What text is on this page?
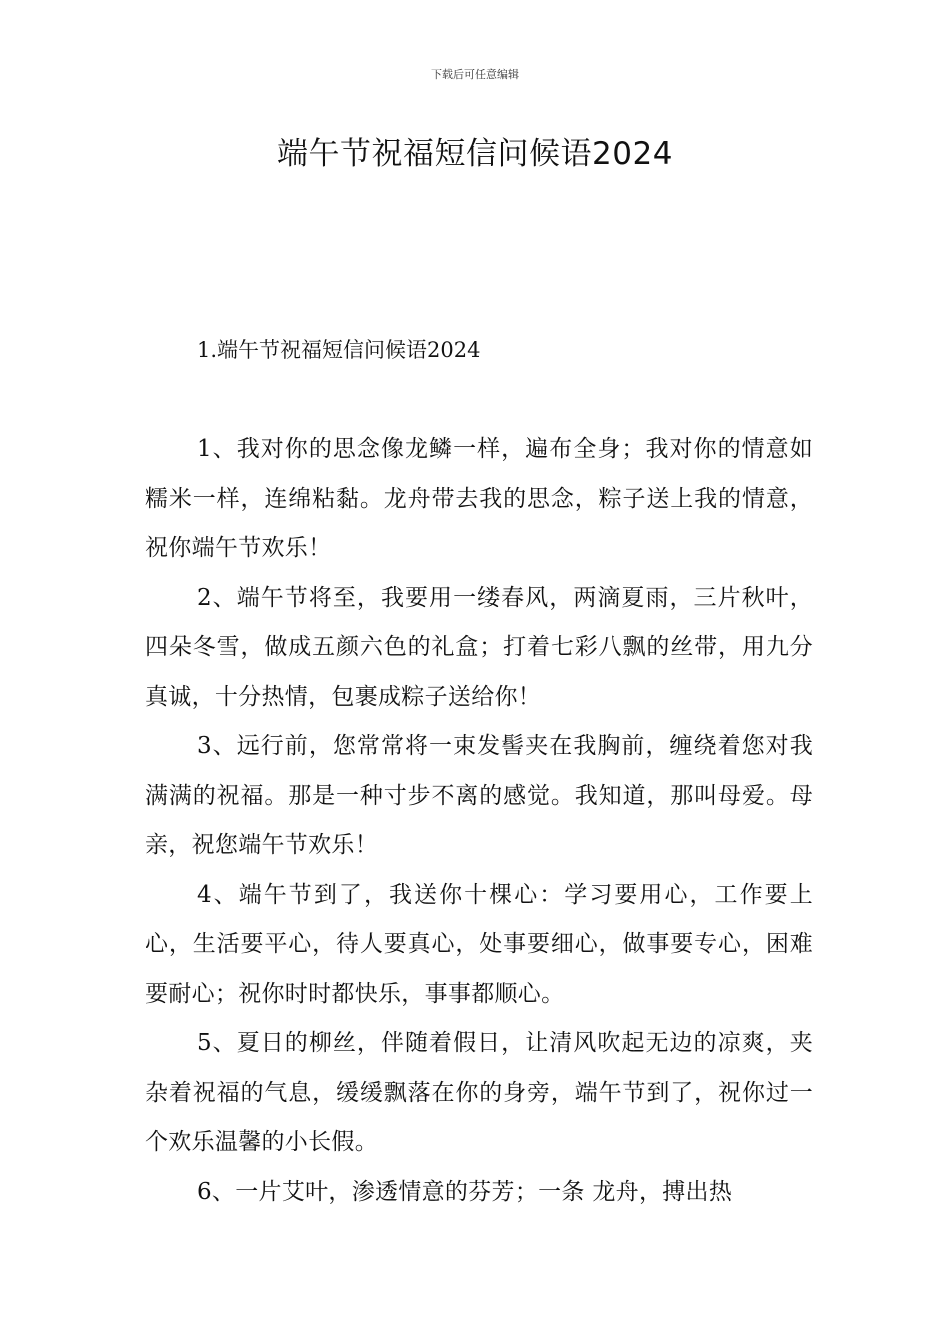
下载后可任意编辑
端午节祝福短信问候语2024
1.端午节祝福短信问候语2024

1、我对你的思念像龙鳞一样，遍布全身；我对你的情意如糯米一样，连绵粘黏。龙舟带去我的思念，粽子送上我的情意，祝你端午节欢乐！

2、端午节将至，我要用一缕春风，两滴夏雨，三片秋叶，四朵冬雪，做成五颜六色的礼盒；打着七彩八飘的丝带，用九分真诚，十分热情，包裹成粽子送给你！

3、远行前，您常常将一束发髻夹在我胸前，缠绕着您对我满满的祝福。那是一种寸步不离的感觉。我知道，那叫母爱。母亲，祝您端午节欢乐！

4、端午节到了，我送你十棵心：学习要用心，工作要上心，生活要平心，待人要真心，处事要细心，做事要专心，困难要耐心；祝你时时都快乐，事事都顺心。

5、夏日的柳丝，伴随着假日，让清风吹起无边的凉爽，夹杂着祝福的气息，缓缓飘落在你的身旁，端午节到了，祝你过一个欢乐温馨的小长假。

6、一片艾叶，渗透情意的芬芳；一条 龙舟，搏出热
